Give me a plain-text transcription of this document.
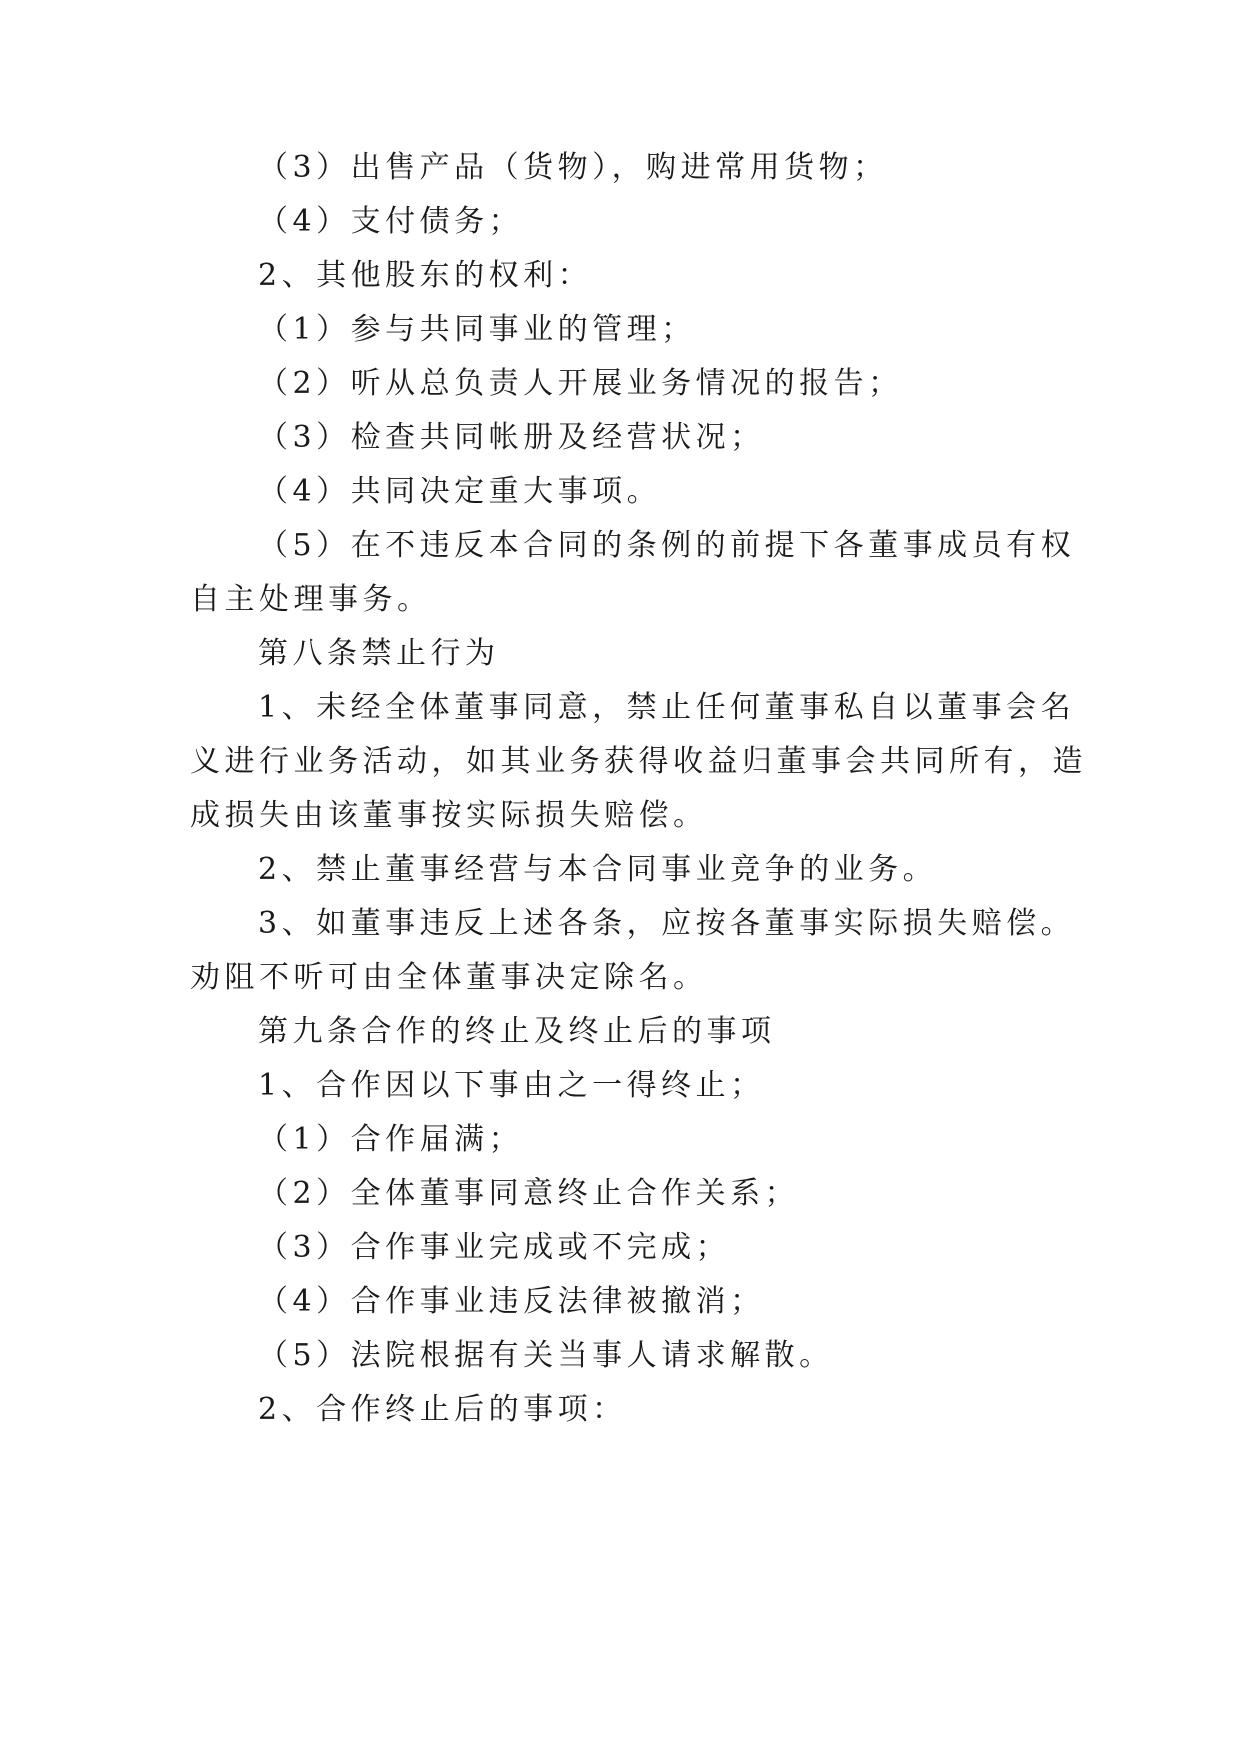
（3）出售产品（货物），购进常用货物；
（4）支付债务；
2、其他股东的权利：
（1）参与共同事业的管理；
（2）听从总负责人开展业务情况的报告；
（3）检查共同帐册及经营状况；
（4）共同决定重大事项。
（5）在不违反本合同的条例的前提下各董事成员有权
自主处理事务。
第八条禁止行为
1、未经全体董事同意，禁止任何董事私自以董事会名
义进行业务活动，如其业务获得收益归董事会共同所有，造
成损失由该董事按实际损失赔偿。
2、禁止董事经营与本合同事业竞争的业务。
3、如董事违反上述各条，应按各董事实际损失赔偿。
劝阻不听可由全体董事决定除名。
第九条合作的终止及终止后的事项
1、合作因以下事由之一得终止；
（1）合作届满；
（2）全体董事同意终止合作关系；
（3）合作事业完成或不完成；
（4）合作事业违反法律被撤消；
（5）法院根据有关当事人请求解散。
2、合作终止后的事项：
